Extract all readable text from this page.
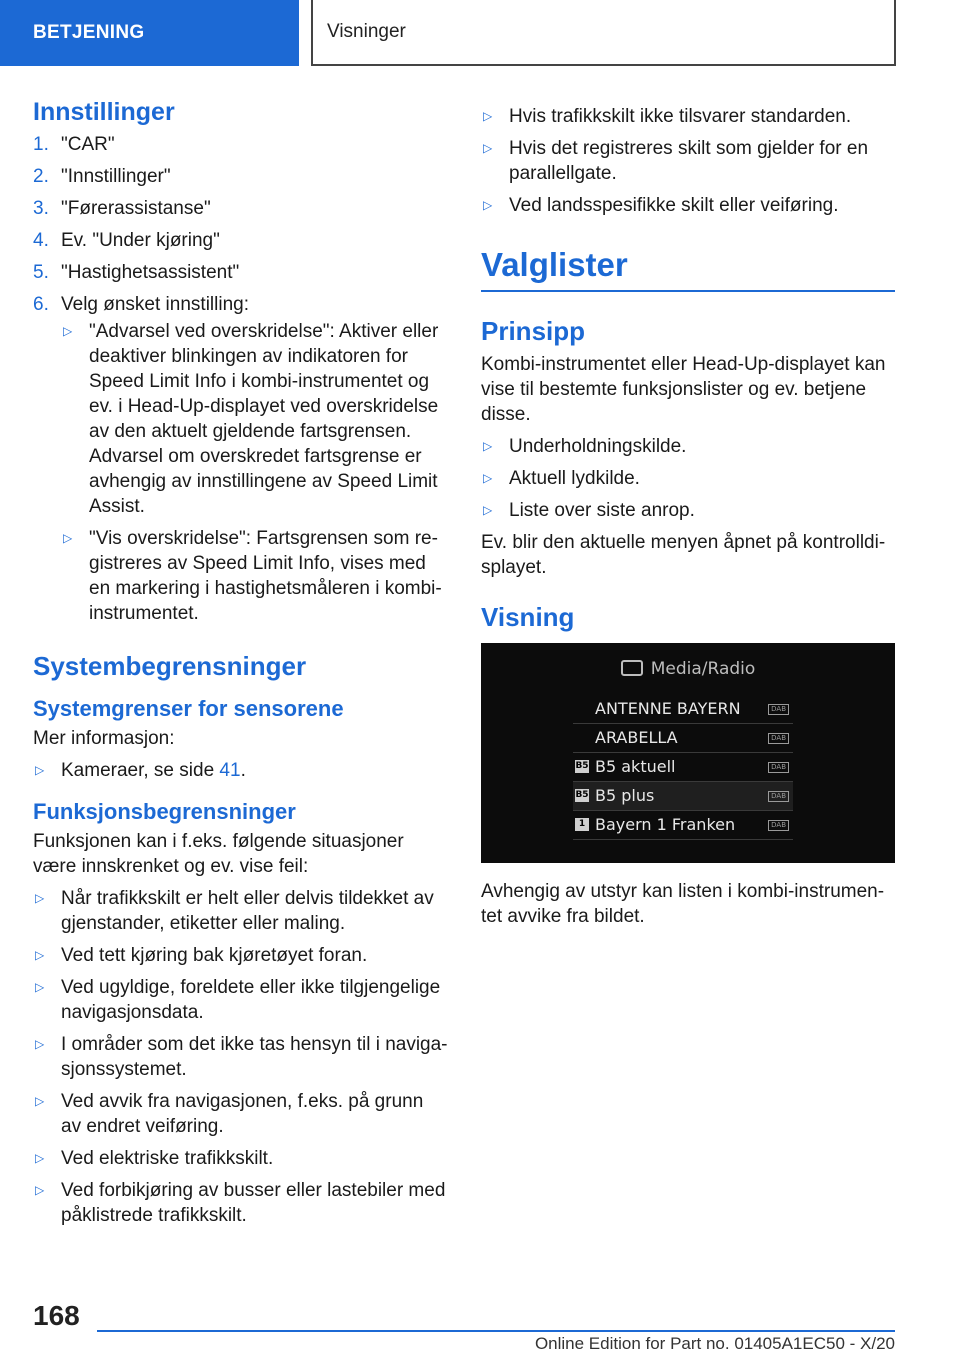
BETJENING	Visninger
Innstillinger
1. "CAR"
2. "Innstillinger"
3. "Førerassistanse"
4. Ev. "Under kjøring"
5. "Hastighetsassistent"
6. Velg ønsket innstilling:
▷ "Advarsel ved overskridelse": Aktiver eller deaktiver blinkingen av indikatoren for Speed Limit Info i kombi-instrumentet og ev. i Head-Up-displayet ved overskridelse av den aktuelt gjeldende fartsgrensen. Advarsel om overskredet fartsgrense er avhengig av innstillingene av Speed Limit Assist.
▷ "Vis overskridelse": Fartsgrensen som re-gistreres av Speed Limit Info, vises med en markering i hastighetsmåleren i kombi-instrumentet.
Systembegrensninger
Systemgrenser for sensorene

Mer informasjon:

▷ Kameraer, se side 41.
Funksjonsbegrensninger

Funksjonen kan i f.eks. følgende situasjoner være innskrenket og ev. vise feil:

▷ Når trafikkskilt er helt eller delvis tildekket av gjenstander, etiketter eller maling.
▷ Ved tett kjøring bak kjøretøyet foran.
▷ Ved ugyldige, foreldete eller ikke tilgjengelige navigasjonsdata.
▷ I områder som det ikke tas hensyn til i naviga-sjonssystemet.
▷ Ved avvik fra navigasjonen, f.eks. på grunn av endret veiføring.
▷ Ved elektriske trafikkskilt.
▷ Ved forbikjøring av busser eller lastebiler med påklistrede trafikkskilt.
▷ Hvis trafikkskilt ikke tilsvarer standarden.
▷ Hvis det registreres skilt som gjelder for en parallellgate.
▷ Ved landsspesifikke skilt eller veiføring.
Valglister
Prinsipp

Kombi-instrumentet eller Head-Up-displayet kan vise til bestemte funksjonslister og ev. betjene disse.

▷ Underholdningskilde.
▷ Aktuell lydkilde.
▷ Liste over siste anrop.

Ev. blir den aktuelle menyen åpnet på kontrolldi-splayet.

Visning
Media/Radio
ANTENNE BAYERN	DAB
ARABELLA	DAB
B5 B5 aktuell	DAB
B5 B5 plus	DAB
1 Bayern 1 Franken	DAB

Avhengig av utstyr kan listen i kombi-instrumen-tet avvike fra bildet.

168
Online Edition for Part no. 01405A1EC50 - X/20
